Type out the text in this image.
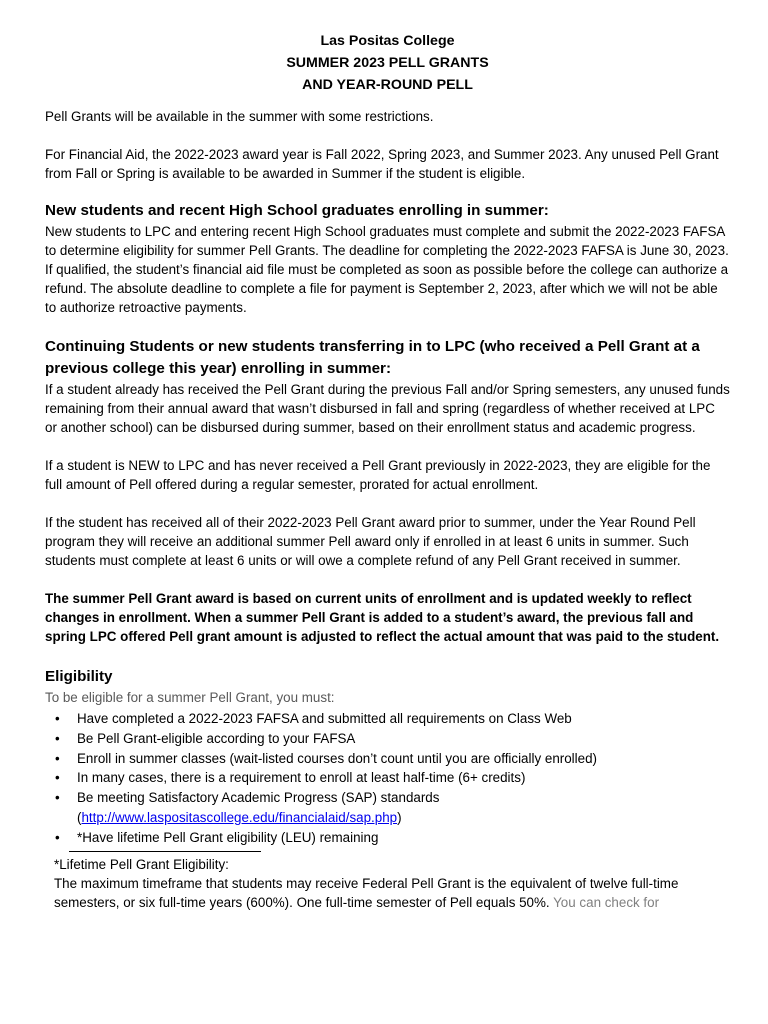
Las Positas College

SUMMER 2023 PELL GRANTS

AND YEAR-ROUND PELL

Pell Grants will be available in the summer with some restrictions.

For Financial Aid, the 2022-2023 award year is Fall 2022, Spring 2023, and Summer 2023. Any unused Pell Grant from Fall or Spring is available to be awarded in Summer if the student is eligible.

New students and recent High School graduates enrolling in summer:

New students to LPC and entering recent High School graduates must complete and submit the 2022-2023 FAFSA to determine eligibility for summer Pell Grants. The deadline for completing the 2022-2023 FAFSA is June 30, 2023. If qualified, the student’s financial aid file must be completed as soon as possible before the college can authorize a refund. The absolute deadline to complete a file for payment is September 2, 2023, after which we will not be able to authorize retroactive payments.

Continuing Students or new students transferring in to LPC (who received a Pell Grant at a previous college this year) enrolling in summer:

If a student already has received the Pell Grant during the previous Fall and/or Spring semesters, any unused funds remaining from their annual award that wasn’t disbursed in fall and spring (regardless of whether received at LPC or another school) can be disbursed during summer, based on their enrollment status and academic progress.

If a student is NEW to LPC and has never received a Pell Grant previously in 2022-2023, they are eligible for the full amount of Pell offered during a regular semester, prorated for actual enrollment.

If the student has received all of their 2022-2023 Pell Grant award prior to summer, under the Year Round Pell program they will receive an additional summer Pell award only if enrolled in at least 6 units in summer. Such students must complete at least 6 units or will owe a complete refund of any Pell Grant received in summer.

The summer Pell Grant award is based on current units of enrollment and is updated weekly to reflect changes in enrollment. When a summer Pell Grant is added to a student’s award, the previous fall and spring LPC offered Pell grant amount is adjusted to reflect the actual amount that was paid to the student.

Eligibility

To be eligible for a summer Pell Grant, you must:

• Have completed a 2022-2023 FAFSA and submitted all requirements on Class Web
• Be Pell Grant-eligible according to your FAFSA
• Enroll in summer classes (wait-listed courses don’t count until you are officially enrolled)
• In many cases, there is a requirement to enroll at least half-time (6+ credits)
• Be meeting Satisfactory Academic Progress (SAP) standards
(http://www.laspositascollege.edu/financialaid/sap.php)
• *Have lifetime Pell Grant eligibility (LEU) remaining

*Lifetime Pell Grant Eligibility:

The maximum timeframe that students may receive Federal Pell Grant is the equivalent of twelve full-time semesters, or six full-time years (600%). One full-time semester of Pell equals 50%. You can check for
